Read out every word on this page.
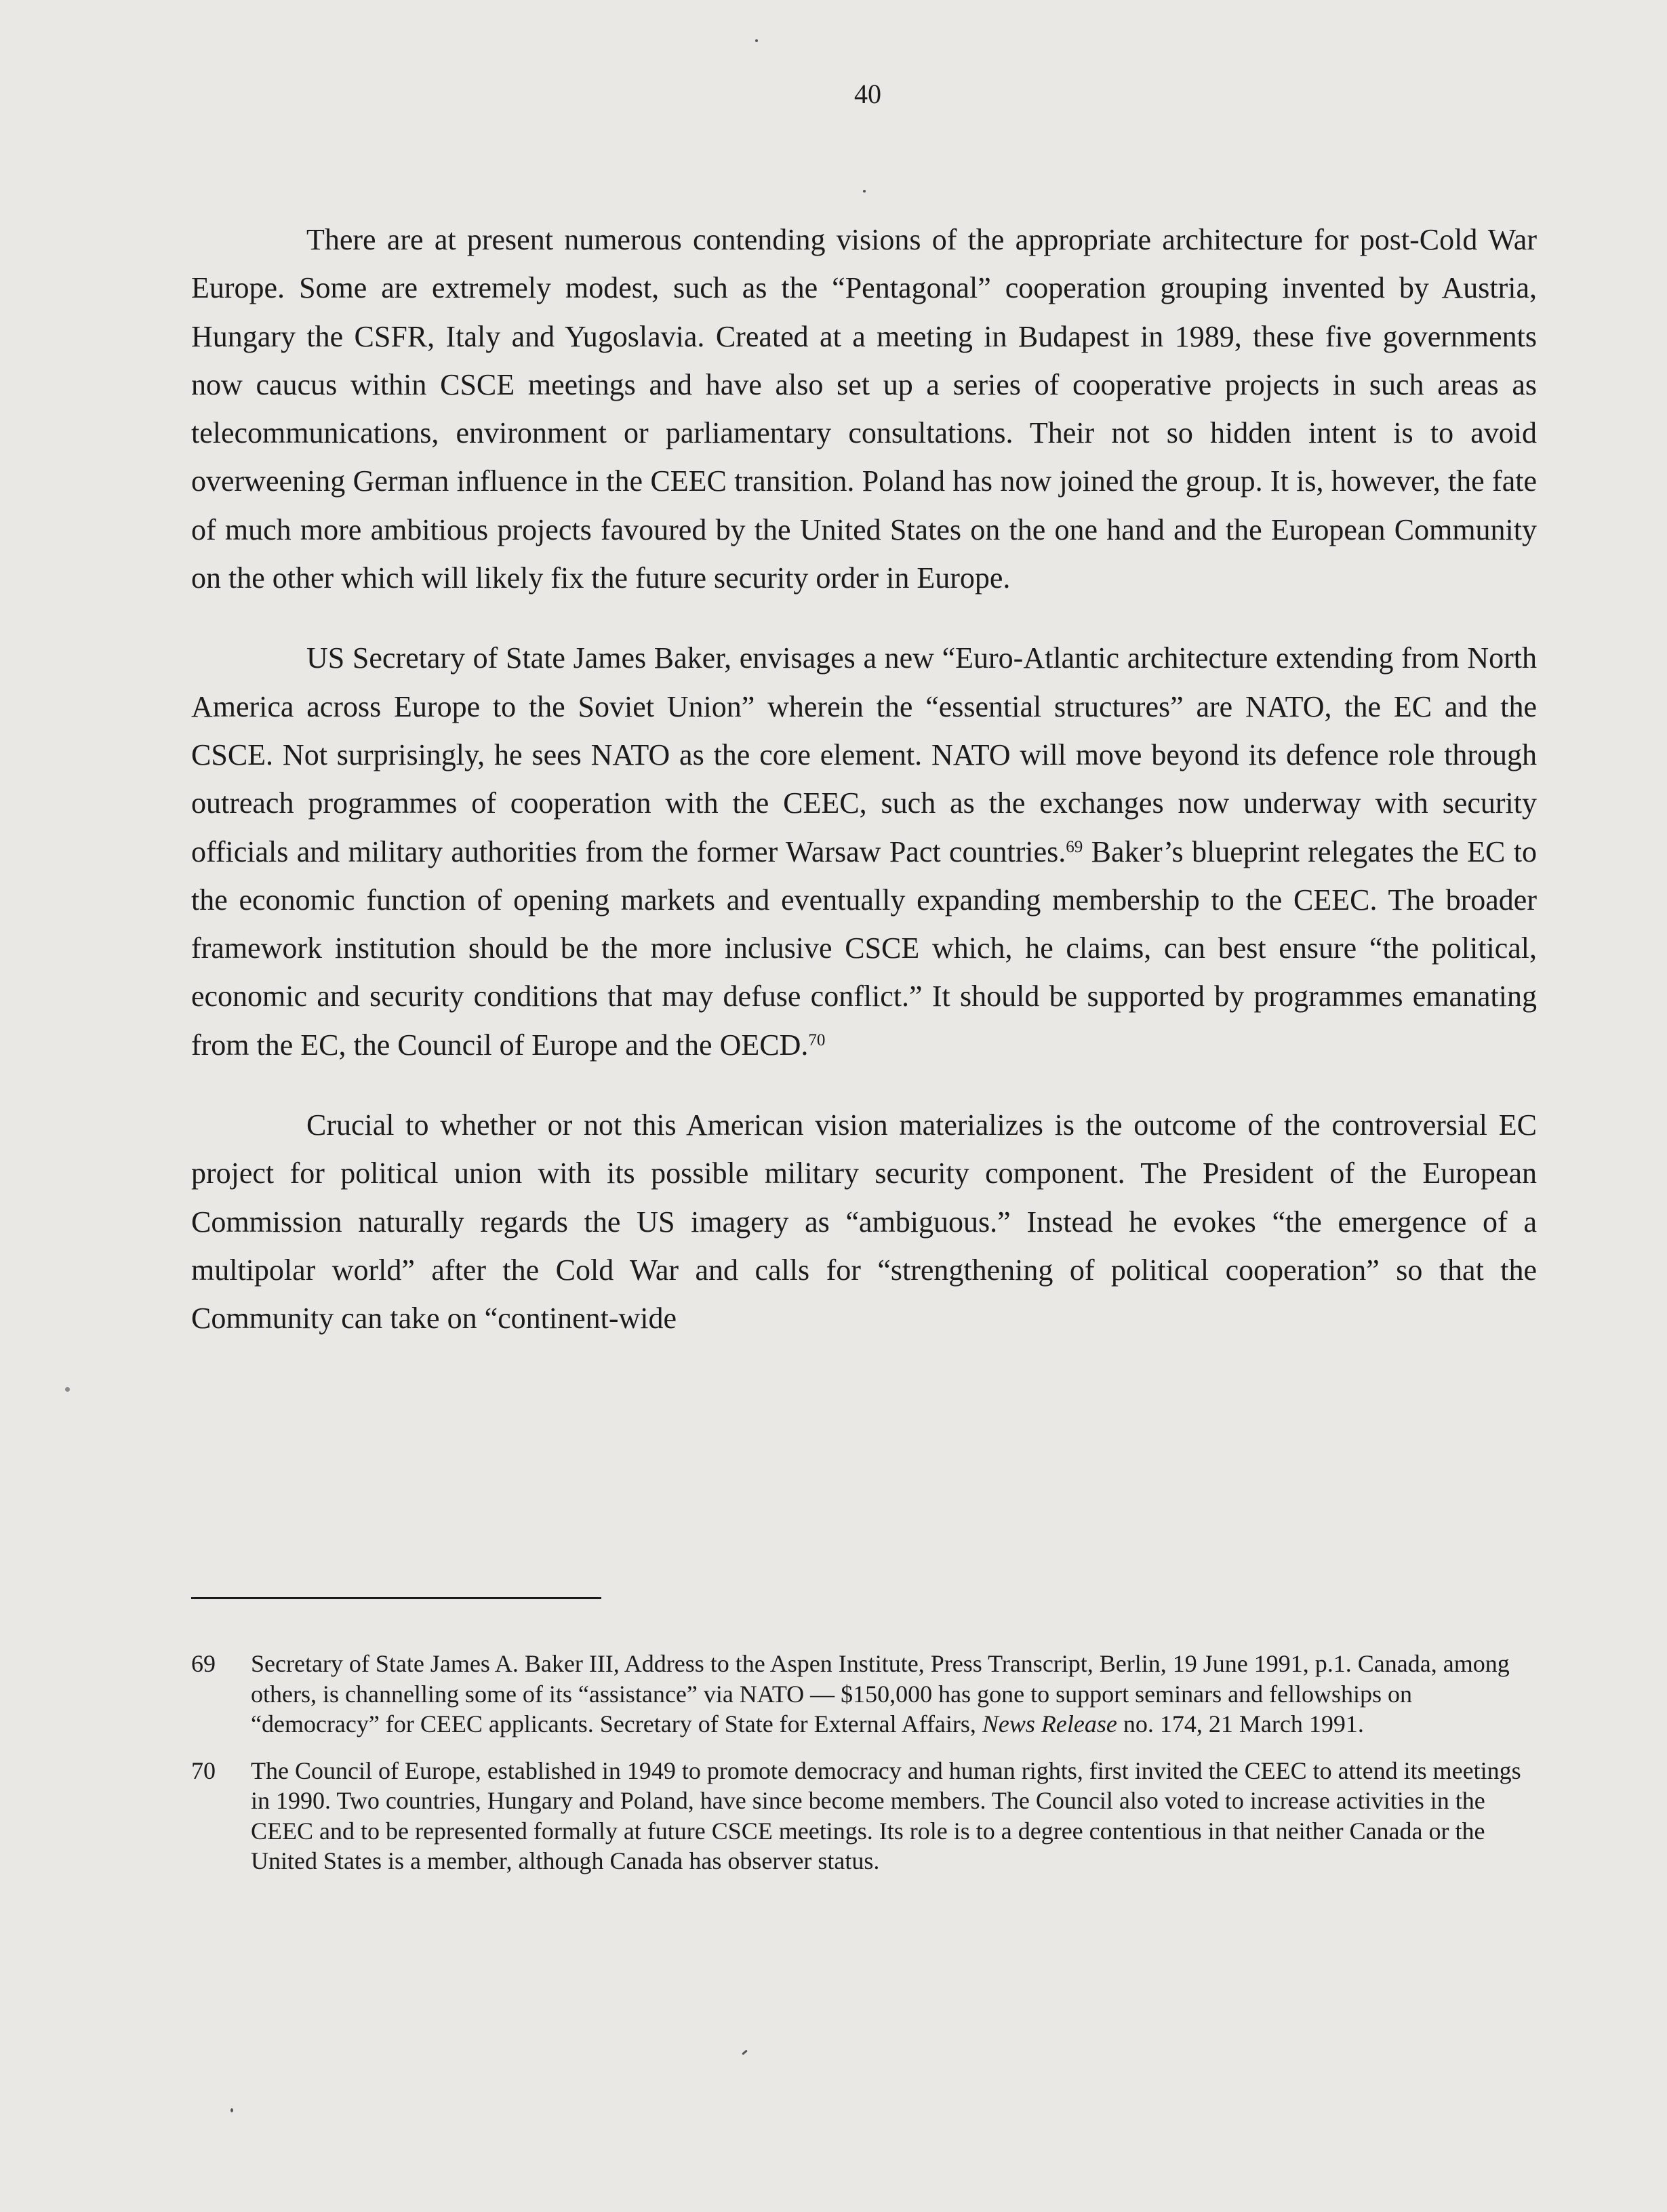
40

There are at present numerous contending visions of the appropriate architecture for post-Cold War Europe. Some are extremely modest, such as the “Pentagonal” cooperation grouping invented by Austria, Hungary the CSFR, Italy and Yugoslavia. Created at a meeting in Budapest in 1989, these five governments now caucus within CSCE meetings and have also set up a series of cooperative projects in such areas as telecommunications, environment or parliamentary consultations. Their not so hidden intent is to avoid overweening German influence in the CEEC transition. Poland has now joined the group. It is, however, the fate of much more ambitious projects favoured by the United States on the one hand and the European Community on the other which will likely fix the future security order in Europe.

US Secretary of State James Baker, envisages a new “Euro-Atlantic architecture extending from North America across Europe to the Soviet Union” wherein the “essential structures” are NATO, the EC and the CSCE. Not surprisingly, he sees NATO as the core element. NATO will move beyond its defence role through outreach programmes of cooperation with the CEEC, such as the exchanges now underway with security officials and military authorities from the former Warsaw Pact countries.$^{69}$ Baker’s blueprint relegates the EC to the economic function of opening markets and eventually expanding membership to the CEEC. The broader framework institution should be the more inclusive CSCE which, he claims, can best ensure “the political, economic and security conditions that may defuse conflict.” It should be supported by programmes emanating from the EC, the Council of Europe and the OECD.$^{70}$

Crucial to whether or not this American vision materializes is the outcome of the controversial EC project for political union with its possible military security component. The President of the European Commission naturally regards the US imagery as “ambiguous.” Instead he evokes “the emergence of a multipolar world” after the Cold War and calls for “strengthening of political cooperation” so that the Community can take on “continent-wide

69	Secretary of State James A. Baker III, Address to the Aspen Institute, Press Transcript, Berlin, 19 June 1991, p.1. Canada, among others, is channelling some of its “assistance” via NATO — $150,000 has gone to support seminars and fellowships on “democracy” for CEEC applicants. Secretary of State for External Affairs, News Release no. 174, 21 March 1991.
70	The Council of Europe, established in 1949 to promote democracy and human rights, first invited the CEEC to attend its meetings in 1990. Two countries, Hungary and Poland, have since become members. The Council also voted to increase activities in the CEEC and to be represented formally at future CSCE meetings. Its role is to a degree contentious in that neither Canada or the United States is a member, although Canada has observer status.
